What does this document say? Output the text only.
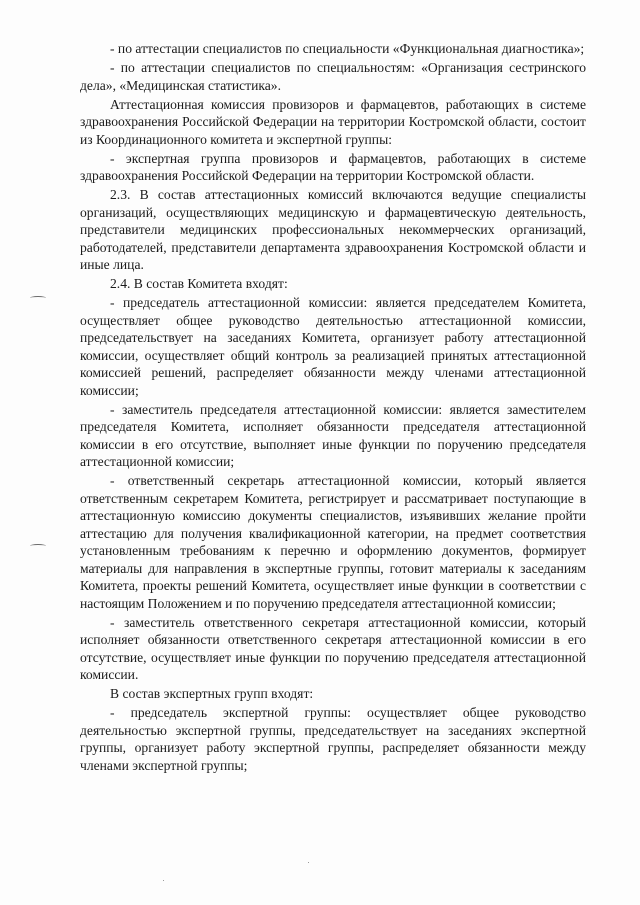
- по аттестации специалистов по специальности «Функциональная диагностика»;

- по аттестации специалистов по специальностям: «Организация сестринского дела», «Медицинская статистика».

Аттестационная комиссия провизоров и фармацевтов, работающих в системе здравоохранения Российской Федерации на территории Костромской области, состоит из Координационного комитета и экспертной группы:

- экспертная группа провизоров и фармацевтов, работающих в системе здравоохранения Российской Федерации на территории Костромской области.

2.3. В состав аттестационных комиссий включаются ведущие специалисты организаций, осуществляющих медицинскую и фармацевтическую деятельность, представители медицинских профессиональных некоммерческих организаций, работодателей, представители департамента здравоохранения Костромской области и иные лица.

2.4. В состав Комитета входят:

- председатель аттестационной комиссии: является председателем Комитета, осуществляет общее руководство деятельностью аттестационной комиссии, председательствует на заседаниях Комитета, организует работу аттестационной комиссии, осуществляет общий контроль за реализацией принятых аттестационной комиссией решений, распределяет обязанности между членами аттестационной комиссии;

- заместитель председателя аттестационной комиссии: является заместителем председателя Комитета, исполняет обязанности председателя аттестационной комиссии в его отсутствие, выполняет иные функции по поручению председателя аттестационной комиссии;

- ответственный секретарь аттестационной комиссии, который является ответственным секретарем Комитета, регистрирует и рассматривает поступающие в аттестационную комиссию документы специалистов, изъявивших желание пройти аттестацию для получения квалификационной категории, на предмет соответствия установленным требованиям к перечню и оформлению документов, формирует материалы для направления в экспертные группы, готовит материалы к заседаниям Комитета, проекты решений Комитета, осуществляет иные функции в соответствии с настоящим Положением и по поручению председателя аттестационной комиссии;

- заместитель ответственного секретаря аттестационной комиссии, который исполняет обязанности ответственного секретаря аттестационной комиссии в его отсутствие, осуществляет иные функции по поручению председателя аттестационной комиссии.

В состав экспертных групп входят:

- председатель экспертной группы: осуществляет общее руководство деятельностью экспертной группы, председательствует на заседаниях экспертной группы, организует работу экспертной группы, распределяет обязанности между членами экспертной группы;
